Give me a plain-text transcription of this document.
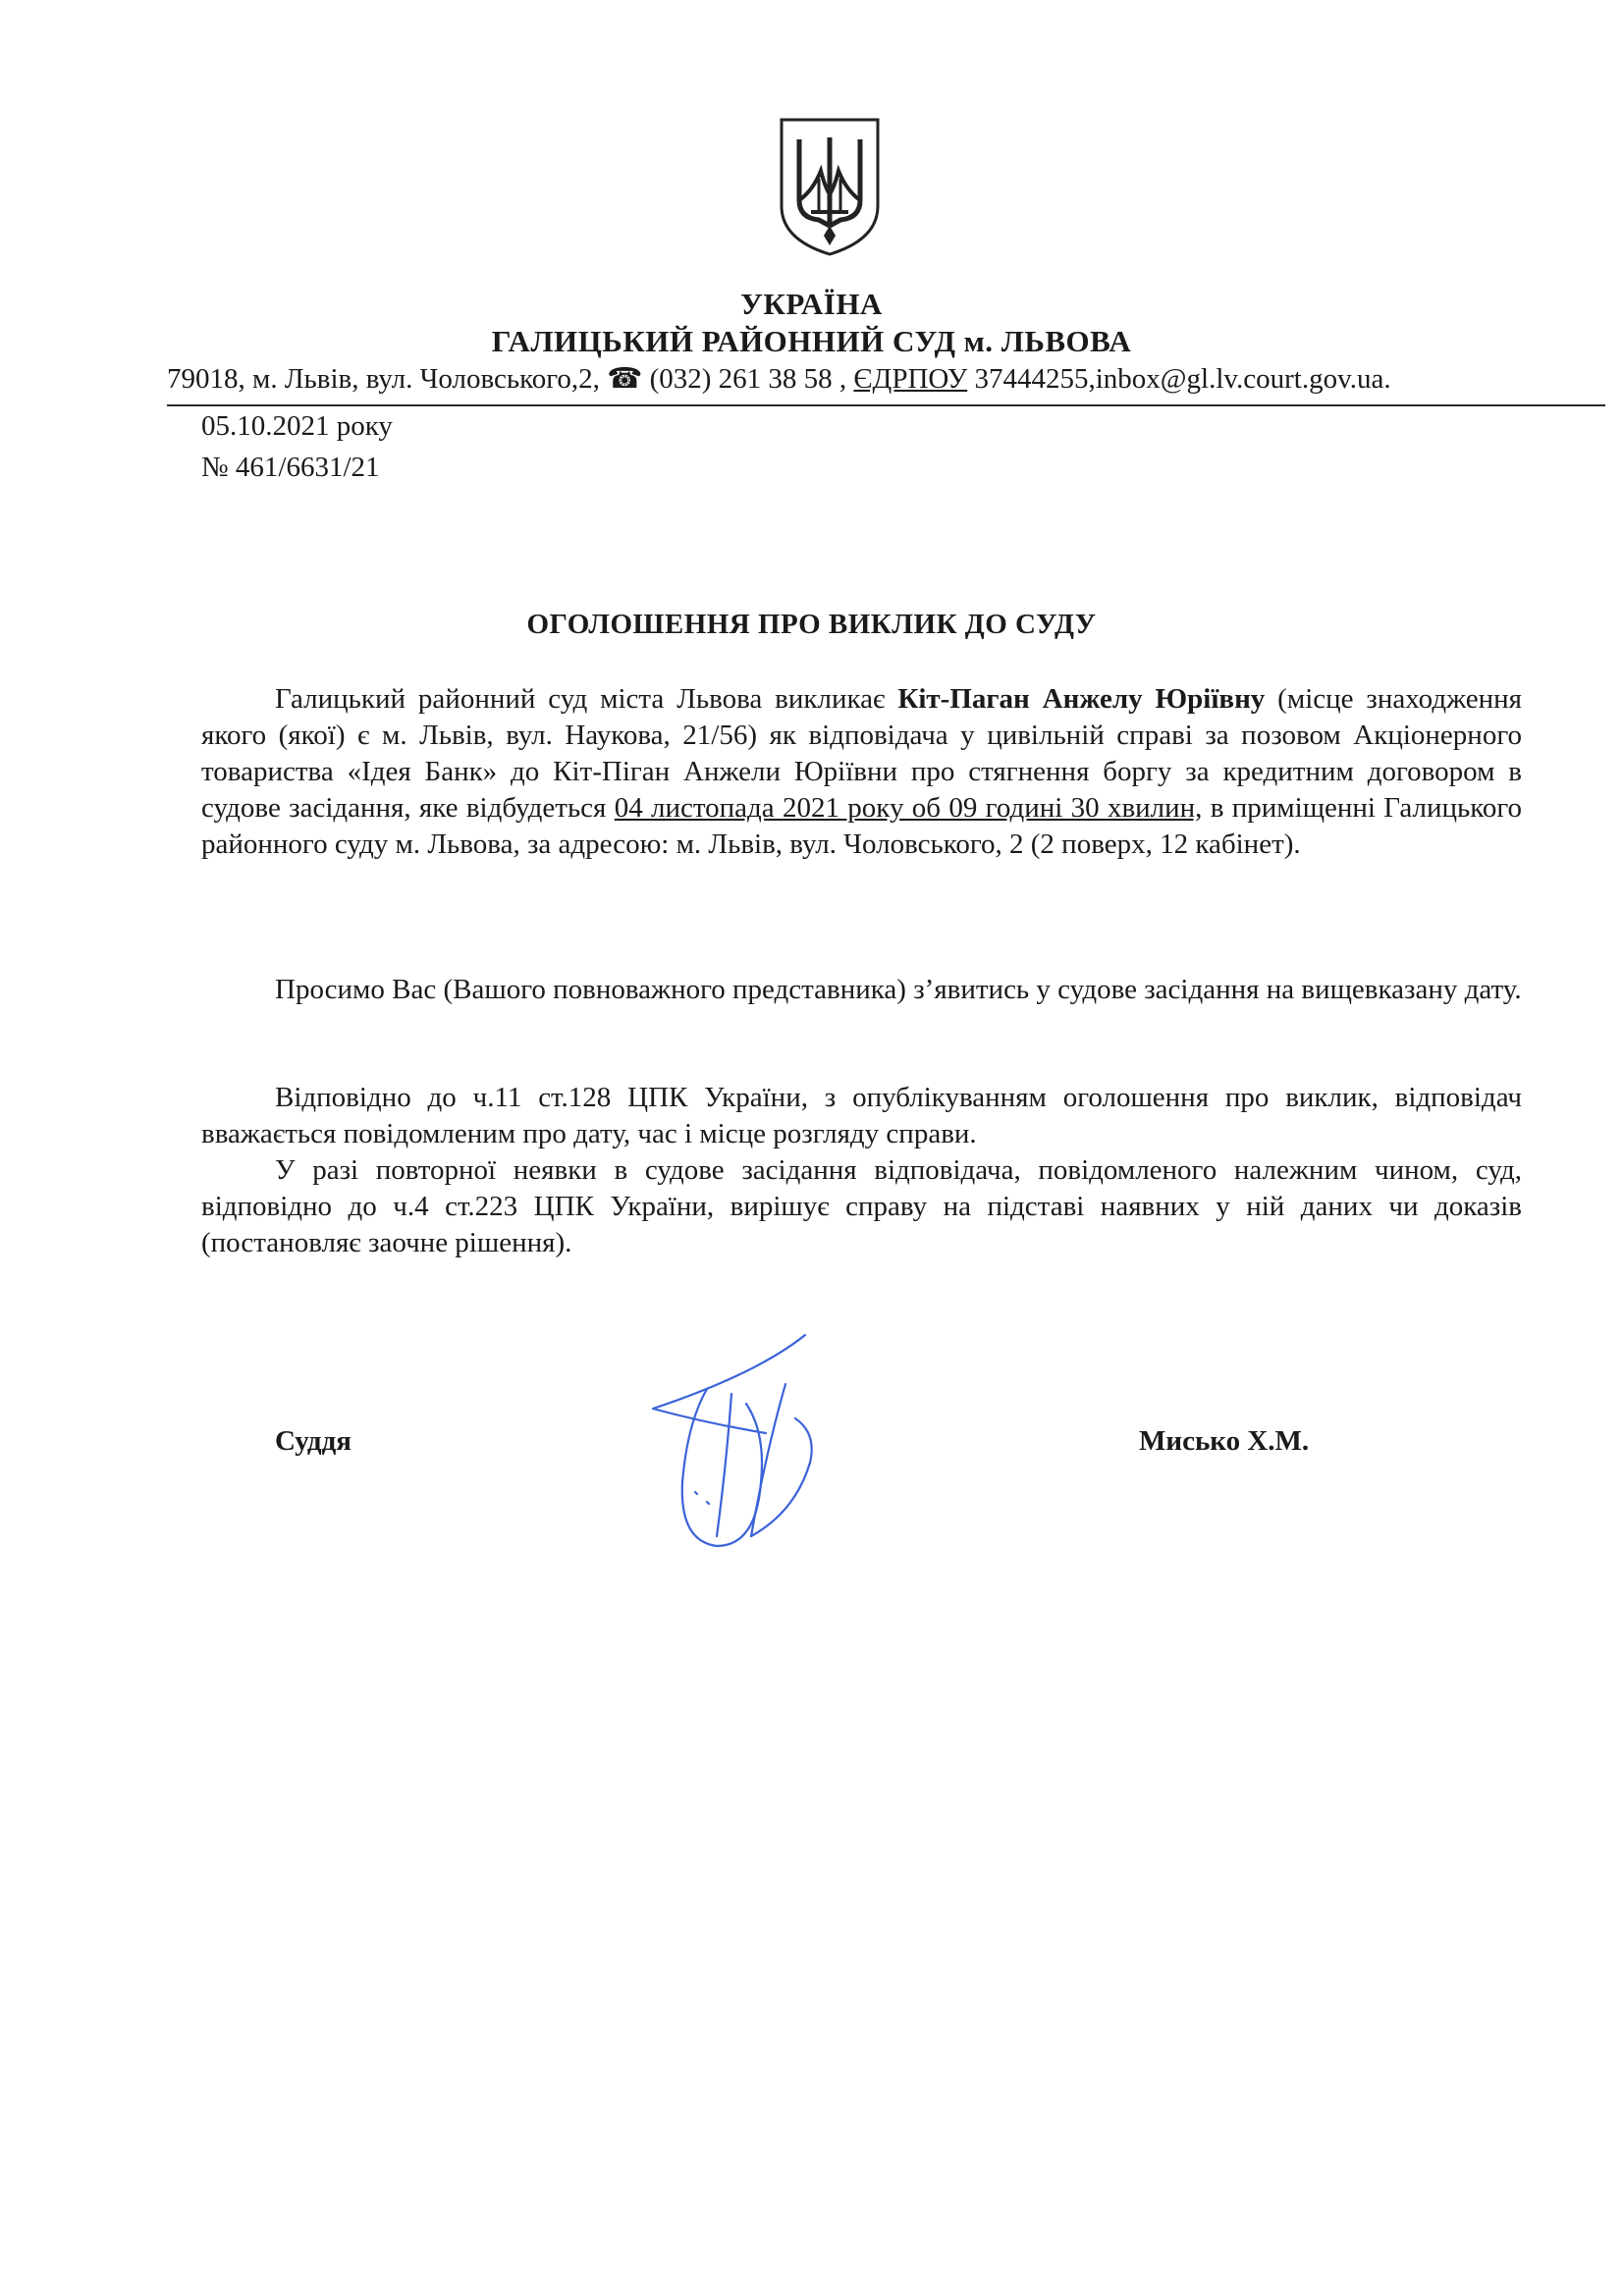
УКРАЇНА
ГАЛИЦЬКИЙ РАЙОННИЙ СУД м. ЛЬВОВА
79018, м. Львів, вул. Чоловського,2, ☎ (032) 261 38 58 , ЄДРПОУ 37444255,inbox@gl.lv.court.gov.ua.
05.10.2021 року
№ 461/6631/21
ОГОЛОШЕННЯ ПРО ВИКЛИК ДО СУДУ
Галицький районний суд міста Львова викликає Кіт-Паган Анжелу Юріївну (місце знаходження якого (якої) є м. Львів, вул. Наукова, 21/56) як відповідача у цивільній справі за позовом Акціонерного товариства «Ідея Банк» до Кіт-Піган Анжели Юріївни про стягнення боргу за кредитним договором в судове засідання, яке відбудеться 04 листопада 2021 року об 09 годині 30 хвилин, в приміщенні Галицького районного суду м. Львова, за адресою: м. Львів, вул. Чоловського, 2 (2 поверх, 12 кабінет).
Просимо Вас (Вашого повноважного представника) з’явитись у судове засідання на вищевказану дату.
Відповідно до ч.11 ст.128 ЦПК України, з опублікуванням оголошення про виклик, відповідач вважається повідомленим про дату, час і місце розгляду справи.
У разі повторної неявки в судове засідання відповідача, повідомленого належним чином, суд, відповідно до ч.4 ст.223 ЦПК України, вирішує справу на підставі наявних у ній даних чи доказів (постановляє заочне рішення).
Суддя	Мисько Х.М.
